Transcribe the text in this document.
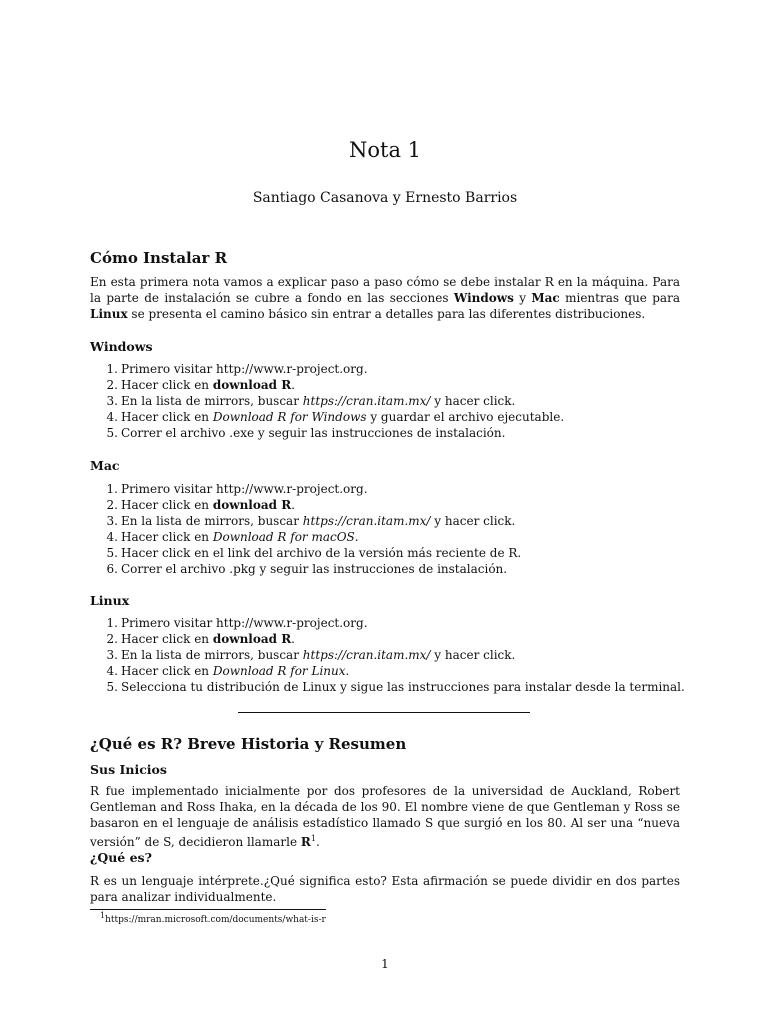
Nota 1
Santiago Casanova y Ernesto Barrios
Cómo Instalar R

En esta primera nota vamos a explicar paso a paso cómo se debe instalar R en la máquina. Para la parte de instalación se cubre a fondo en las secciones Windows y Mac mientras que para Linux se presenta el camino básico sin entrar a detalles para las diferentes distribuciones.

Windows
1. Primero visitar http://www.r-project.org.
2. Hacer click en download R.
3. En la lista de mirrors, buscar https://cran.itam.mx/ y hacer click.
4. Hacer click en Download R for Windows y guardar el archivo ejecutable.
5. Correr el archivo .exe y seguir las instrucciones de instalación.
Mac
1. Primero visitar http://www.r-project.org.
2. Hacer click en download R.
3. En la lista de mirrors, buscar https://cran.itam.mx/ y hacer click.
4. Hacer click en Download R for macOS.
5. Hacer click en el link del archivo de la versión más reciente de R.
6. Correr el archivo .pkg y seguir las instrucciones de instalación.
Linux
1. Primero visitar http://www.r-project.org.
2. Hacer click en download R.
3. En la lista de mirrors, buscar https://cran.itam.mx/ y hacer click.
4. Hacer click en Download R for Linux.
5. Selecciona tu distribución de Linux y sigue las instrucciones para instalar desde la terminal.
¿Qué es R? Breve Historia y Resumen
Sus Inicios

R fue implementado inicialmente por dos profesores de la universidad de Auckland, Robert Gentleman and Ross Ihaka, en la década de los 90. El nombre viene de que Gentleman y Ross se basaron en el lenguaje de análisis estadístico llamado S que surgió en los 80. Al ser una “nueva versión” de S, decidieron llamarle $R^1$.

¿Qué es?

R es un lenguaje intérprete.¿Qué significa esto? Esta afirmación se puede dividir en dos partes para analizar individualmente.

$^1$https://mran.microsoft.com/documents/what-is-r
1
